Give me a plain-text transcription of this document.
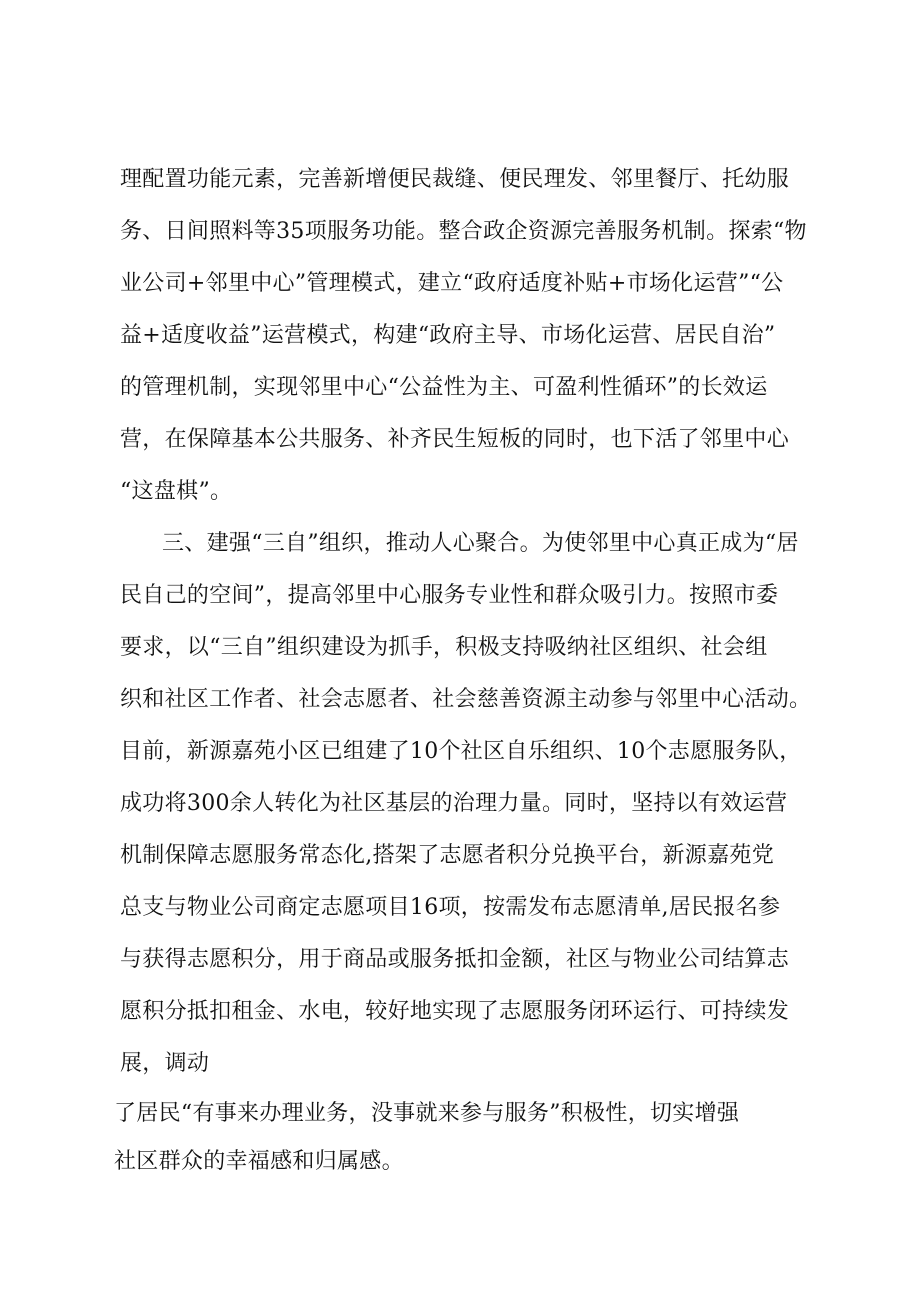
理配置功能元素，完善新增便民裁缝、便民理发、邻里餐厅、托幼服
务、日间照料等35项服务功能。整合政企资源完善服务机制。探索“物
业公司+邻里中心”管理模式，建立“政府适度补贴+市场化运营”“公
益+适度收益”运营模式，构建“政府主导、市场化运营、居民自治”
的管理机制，实现邻里中心“公益性为主、可盈利性循环”的长效运
营，在保障基本公共服务、补齐民生短板的同时，也下活了邻里中心
“这盘棋”。
三、建强“三自”组织，推动人心聚合。为使邻里中心真正成为“居
民自己的空间”，提高邻里中心服务专业性和群众吸引力。按照市委
要求，以“三自”组织建设为抓手，积极支持吸纳社区组织、社会组
织和社区工作者、社会志愿者、社会慈善资源主动参与邻里中心活动。
目前，新源嘉苑小区已组建了10个社区自乐组织、10个志愿服务队，
成功将300余人转化为社区基层的治理力量。同时，坚持以有效运营
机制保障志愿服务常态化,搭架了志愿者积分兑换平台，新源嘉苑党
总支与物业公司商定志愿项目16项，按需发布志愿清单,居民报名参
与获得志愿积分，用于商品或服务抵扣金额，社区与物业公司结算志
愿积分抵扣租金、水电，较好地实现了志愿服务闭环运行、可持续发
展，调动
了居民“有事来办理业务，没事就来参与服务”积极性，切实增强
社区群众的幸福感和归属感。
